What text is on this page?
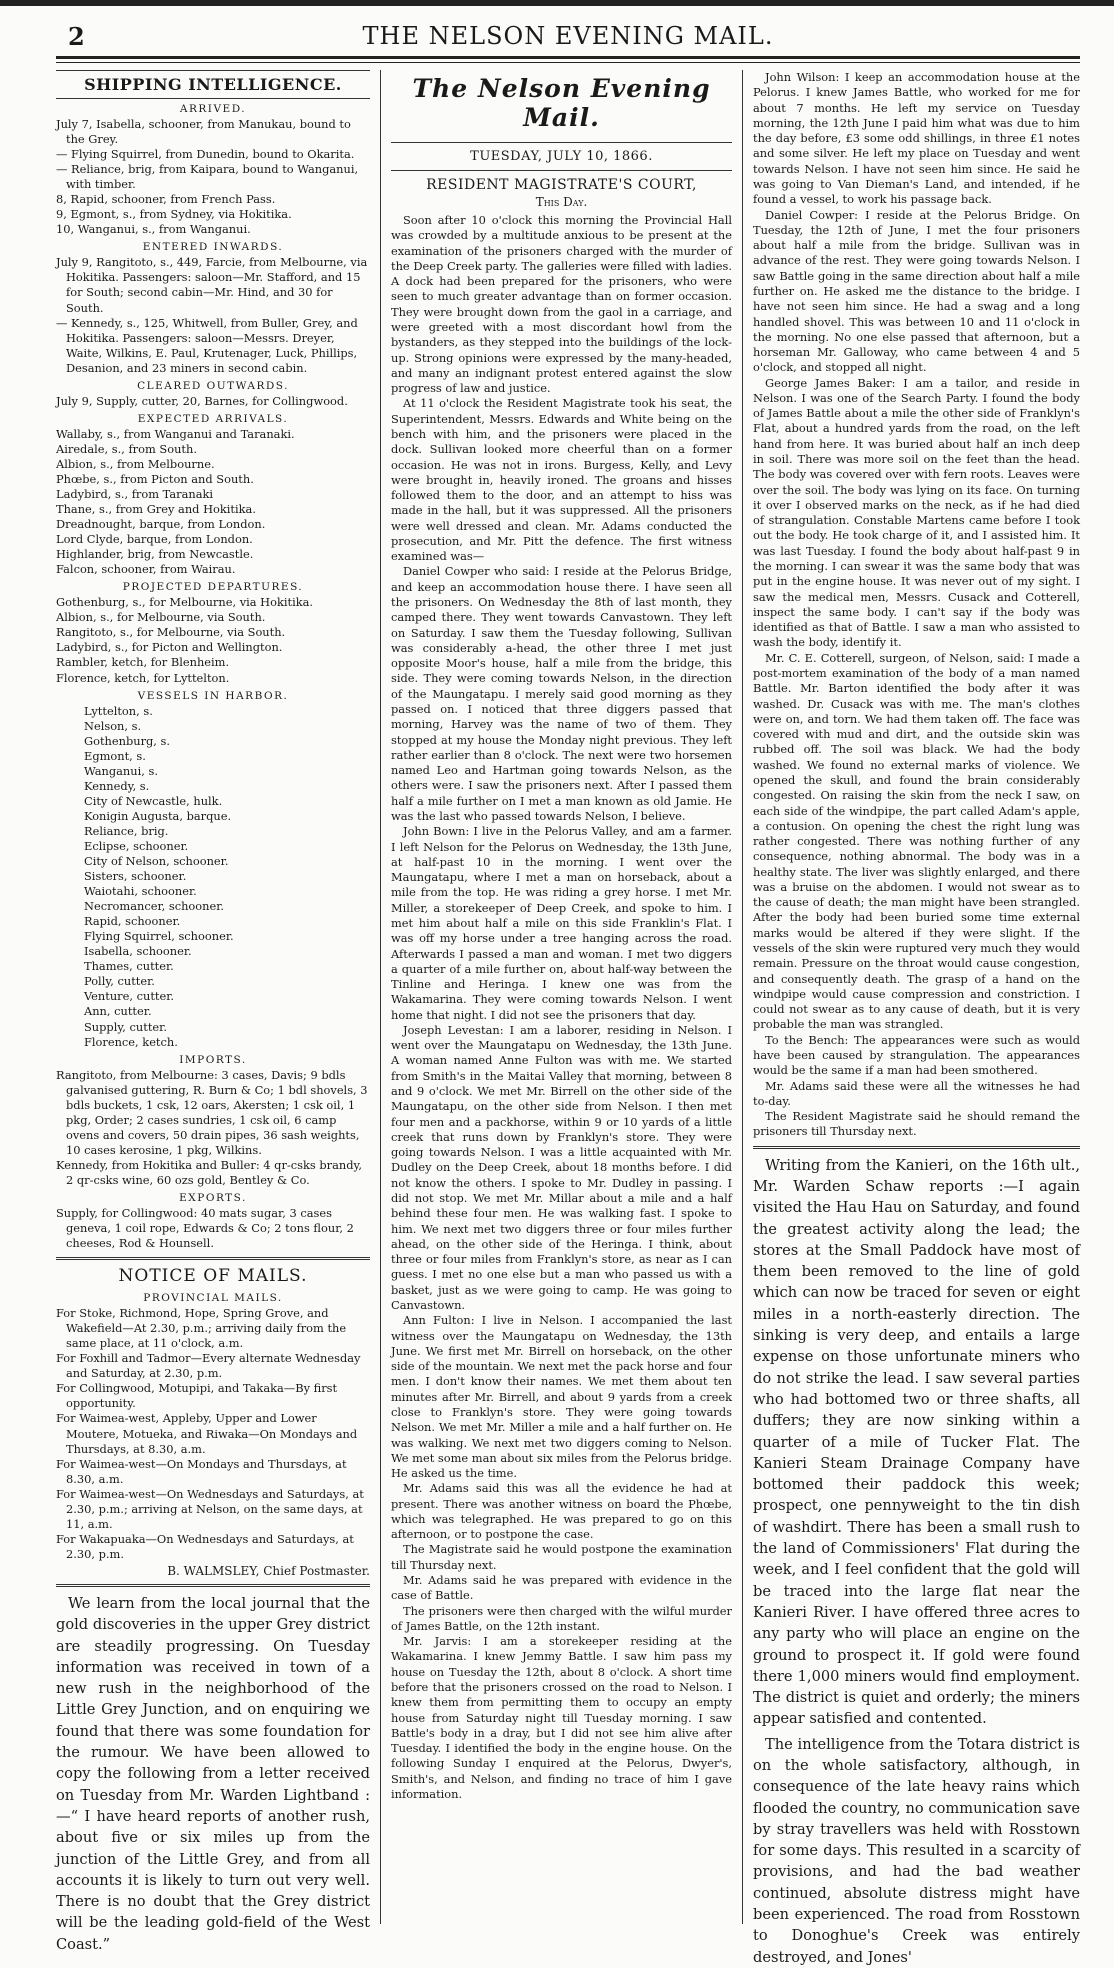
2	THE NELSON EVENING MAIL.
SHIPPING INTELLIGENCE.
ARRIVED.
July 7, Isabella, schooner, from Manukau, bound to the Grey.
— Flying Squirrel, from Dunedin, bound to Okarita.
— Reliance, brig, from Kaipara, bound to Wanganui, with timber.
8, Rapid, schooner, from French Pass.
9, Egmont, s., from Sydney, via Hokitika.
10, Wanganui, s., from Wanganui.
ENTERED INWARDS.
July 9, Rangitoto, s., 449, Farcie, from Melbourne, via Hokitika. Passengers: saloon—Mr. Stafford, and 15 for South; second cabin—Mr. Hind, and 30 for South.
— Kennedy, s., 125, Whitwell, from Buller, Grey, and Hokitika. Passengers: saloon—Messrs. Dreyer, Waite, Wilkins, E. Paul, Krutenager, Luck, Phillips, Desanion, and 23 miners in second cabin.
CLEARED OUTWARDS.
July 9, Supply, cutter, 20, Barnes, for Collingwood.
EXPECTED ARRIVALS.
Wallaby, s., from Wanganui and Taranaki.
Airedale, s., from South.
Albion, s., from Melbourne.
Phœbe, s., from Picton and South.
Ladybird, s., from Taranaki
Thane, s., from Grey and Hokitika.
Dreadnought, barque, from London.
Lord Clyde, barque, from London.
Highlander, brig, from Newcastle.
Falcon, schooner, from Wairau.
PROJECTED DEPARTURES.
Gothenburg, s., for Melbourne, via Hokitika.
Albion, s., for Melbourne, via South.
Rangitoto, s., for Melbourne, via South.
Ladybird, s., for Picton and Wellington.
Rambler, ketch, for Blenheim.
Florence, ketch, for Lyttelton.
VESSELS IN HARBOR.
Lyttelton, s.
Nelson, s.
Gothenburg, s.
Egmont, s.
Wanganui, s.
Kennedy, s.
City of Newcastle, hulk.
Konigin Augusta, barque.
Reliance, brig.
Eclipse, schooner.
City of Nelson, schooner.
Sisters, schooner.
Waiotahi, schooner.
Necromancer, schooner.
Rapid, schooner.
Flying Squirrel, schooner.
Isabella, schooner.
Thames, cutter.
Polly, cutter.
Venture, cutter.
Ann, cutter.
Supply, cutter.
Florence, ketch.
IMPORTS.
Rangitoto, from Melbourne: 3 cases, Davis; 9 bdls galvanised guttering, R. Burn & Co; 1 bdl shovels, 3 bdls buckets, 1 csk, 12 oars, Akersten; 1 csk oil, 1 pkg, Order; 2 cases sundries, 1 csk oil, 6 camp ovens and covers, 50 drain pipes, 36 sash weights, 10 cases kerosine, 1 pkg, Wilkins.
Kennedy, from Hokitika and Buller: 4 qr-csks brandy, 2 qr-csks wine, 60 ozs gold, Bentley & Co.
EXPORTS.
Supply, for Collingwood: 40 mats sugar, 3 cases geneva, 1 coil rope, Edwards & Co; 2 tons flour, 2 cheeses, Rod & Hounsell.
NOTICE OF MAILS.
PROVINCIAL MAILS.
For Stoke, Richmond, Hope, Spring Grove, and Wakefield—At 2.30, p.m.; arriving daily from the same place, at 11 o'clock, a.m.
For Foxhill and Tadmor—Every alternate Wednesday and Saturday, at 2.30, p.m.
For Collingwood, Motupipi, and Takaka—By first opportunity.
For Waimea-west, Appleby, Upper and Lower Moutere, Motueka, and Riwaka—On Mondays and Thursdays, at 8.30, a.m.
For Waimea-west—On Mondays and Thursdays, at 8.30, a.m.
For Waimea-west—On Wednesdays and Saturdays, at 2.30, p.m.; arriving at Nelson, on the same days, at 11, a.m.
For Wakapuaka—On Wednesdays and Saturdays, at 2.30, p.m.
B. WALMSLEY, Chief Postmaster.

We learn from the local journal that the gold discoveries in the upper Grey district are steadily progressing. On Tuesday information was received in town of a new rush in the neighborhood of the Little Grey Junction, and on enquiring we found that there was some foundation for the rumour. We have been allowed to copy the following from a letter received on Tuesday from Mr. Warden Lightband :—“ I have heard reports of another rush, about five or six miles up from the junction of the Little Grey, and from all accounts it is likely to turn out very well. There is no doubt that the Grey district will be the leading gold-field of the West Coast.”

The Nelson Evening Mail.
TUESDAY, JULY 10, 1866.
RESIDENT MAGISTRATE'S COURT,
This Day.

Soon after 10 o'clock this morning the Provincial Hall was crowded by a multitude anxious to be present at the examination of the prisoners charged with the murder of the Deep Creek party. The galleries were filled with ladies. A dock had been prepared for the prisoners, who were seen to much greater advantage than on former occasion. They were brought down from the gaol in a carriage, and were greeted with a most discordant howl from the bystanders, as they stepped into the buildings of the lock-up. Strong opinions were expressed by the many-headed, and many an indignant protest entered against the slow progress of law and justice.

At 11 o'clock the Resident Magistrate took his seat, the Superintendent, Messrs. Edwards and White being on the bench with him, and the prisoners were placed in the dock. Sullivan looked more cheerful than on a former occasion. He was not in irons. Burgess, Kelly, and Levy were brought in, heavily ironed. The groans and hisses followed them to the door, and an attempt to hiss was made in the hall, but it was suppressed. All the prisoners were well dressed and clean. Mr. Adams conducted the prosecution, and Mr. Pitt the defence. The first witness examined was—

Daniel Cowper who said: I reside at the Pelorus Bridge, and keep an accommodation house there. I have seen all the prisoners. On Wednesday the 8th of last month, they camped there. They went towards Canvastown. They left on Saturday. I saw them the Tuesday following, Sullivan was considerably a-head, the other three I met just opposite Moor's house, half a mile from the bridge, this side. They were coming towards Nelson, in the direction of the Maungatapu. I merely said good morning as they passed on. I noticed that three diggers passed that morning, Harvey was the name of two of them. They stopped at my house the Monday night previous. They left rather earlier than 8 o'clock. The next were two horsemen named Leo and Hartman going towards Nelson, as the others were. I saw the prisoners next. After I passed them half a mile further on I met a man known as old Jamie. He was the last who passed towards Nelson, I believe.

John Bown: I live in the Pelorus Valley, and am a farmer. I left Nelson for the Pelorus on Wednesday, the 13th June, at half-past 10 in the morning. I went over the Maungatapu, where I met a man on horseback, about a mile from the top. He was riding a grey horse. I met Mr. Miller, a storekeeper of Deep Creek, and spoke to him. I met him about half a mile on this side Franklin's Flat. I was off my horse under a tree hanging across the road. Afterwards I passed a man and woman. I met two diggers a quarter of a mile further on, about half-way between the Tinline and Heringa. I knew one was from the Wakamarina. They were coming towards Nelson. I went home that night. I did not see the prisoners that day.

Joseph Levestan: I am a laborer, residing in Nelson. I went over the Maungatapu on Wednesday, the 13th June. A woman named Anne Fulton was with me. We started from Smith's in the Maitai Valley that morning, between 8 and 9 o'clock. We met Mr. Birrell on the other side of the Maungatapu, on the other side from Nelson. I then met four men and a packhorse, within 9 or 10 yards of a little creek that runs down by Franklyn's store. They were going towards Nelson. I was a little acquainted with Mr. Dudley on the Deep Creek, about 18 months before. I did not know the others. I spoke to Mr. Dudley in passing. I did not stop. We met Mr. Millar about a mile and a half behind these four men. He was walking fast. I spoke to him. We next met two diggers three or four miles further ahead, on the other side of the Heringa. I think, about three or four miles from Franklyn's store, as near as I can guess. I met no one else but a man who passed us with a basket, just as we were going to camp. He was going to Canvastown.

Ann Fulton: I live in Nelson. I accompanied the last witness over the Maungatapu on Wednesday, the 13th June. We first met Mr. Birrell on horseback, on the other side of the mountain. We next met the pack horse and four men. I don't know their names. We met them about ten minutes after Mr. Birrell, and about 9 yards from a creek close to Franklyn's store. They were going towards Nelson. We met Mr. Miller a mile and a half further on. He was walking. We next met two diggers coming to Nelson. We met some man about six miles from the Pelorus bridge. He asked us the time.

Mr. Adams said this was all the evidence he had at present. There was another witness on board the Phœbe, which was telegraphed. He was prepared to go on this afternoon, or to postpone the case.

The Magistrate said he would postpone the examination till Thursday next.

Mr. Adams said he was prepared with evidence in the case of Battle.

The prisoners were then charged with the wilful murder of James Battle, on the 12th instant.

Mr. Jarvis: I am a storekeeper residing at the Wakamarina. I knew Jemmy Battle. I saw him pass my house on Tuesday the 12th, about 8 o'clock. A short time before that the prisoners crossed on the road to Nelson. I knew them from permitting them to occupy an empty house from Saturday night till Tuesday morning. I saw Battle's body in a dray, but I did not see him alive after Tuesday. I identified the body in the engine house. On the following Sunday I enquired at the Pelorus, Dwyer's, Smith's, and Nelson, and finding no trace of him I gave information.

John Wilson: I keep an accommodation house at the Pelorus. I knew James Battle, who worked for me for about 7 months. He left my service on Tuesday morning, the 12th June I paid him what was due to him the day before, £3 some odd shillings, in three £1 notes and some silver. He left my place on Tuesday and went towards Nelson. I have not seen him since. He said he was going to Van Dieman's Land, and intended, if he found a vessel, to work his passage back.

Daniel Cowper: I reside at the Pelorus Bridge. On Tuesday, the 12th of June, I met the four prisoners about half a mile from the bridge. Sullivan was in advance of the rest. They were going towards Nelson. I saw Battle going in the same direction about half a mile further on. He asked me the distance to the bridge. I have not seen him since. He had a swag and a long handled shovel. This was between 10 and 11 o'clock in the morning. No one else passed that afternoon, but a horseman Mr. Galloway, who came between 4 and 5 o'clock, and stopped all night.

George James Baker: I am a tailor, and reside in Nelson. I was one of the Search Party. I found the body of James Battle about a mile the other side of Franklyn's Flat, about a hundred yards from the road, on the left hand from here. It was buried about half an inch deep in soil. There was more soil on the feet than the head. The body was covered over with fern roots. Leaves were over the soil. The body was lying on its face. On turning it over I observed marks on the neck, as if he had died of strangulation. Constable Martens came before I took out the body. He took charge of it, and I assisted him. It was last Tuesday. I found the body about half-past 9 in the morning. I can swear it was the same body that was put in the engine house. It was never out of my sight. I saw the medical men, Messrs. Cusack and Cotterell, inspect the same body. I can't say if the body was identified as that of Battle. I saw a man who assisted to wash the body, identify it.

Mr. C. E. Cotterell, surgeon, of Nelson, said: I made a post-mortem examination of the body of a man named Battle. Mr. Barton identified the body after it was washed. Dr. Cusack was with me. The man's clothes were on, and torn. We had them taken off. The face was covered with mud and dirt, and the outside skin was rubbed off. The soil was black. We had the body washed. We found no external marks of violence. We opened the skull, and found the brain considerably congested. On raising the skin from the neck I saw, on each side of the windpipe, the part called Adam's apple, a contusion. On opening the chest the right lung was rather congested. There was nothing further of any consequence, nothing abnormal. The body was in a healthy state. The liver was slightly enlarged, and there was a bruise on the abdomen. I would not swear as to the cause of death; the man might have been strangled. After the body had been buried some time external marks would be altered if they were slight. If the vessels of the skin were ruptured very much they would remain. Pressure on the throat would cause congestion, and consequently death. The grasp of a hand on the windpipe would cause compression and constriction. I could not swear as to any cause of death, but it is very probable the man was strangled.

To the Bench: The appearances were such as would have been caused by strangulation. The appearances would be the same if a man had been smothered.

Mr. Adams said these were all the witnesses he had to-day.

The Resident Magistrate said he should remand the prisoners till Thursday next.

Writing from the Kanieri, on the 16th ult., Mr. Warden Schaw reports :—I again visited the Hau Hau on Saturday, and found the greatest activity along the lead; the stores at the Small Paddock have most of them been removed to the line of gold which can now be traced for seven or eight miles in a north-easterly direction. The sinking is very deep, and entails a large expense on those unfortunate miners who do not strike the lead. I saw several parties who had bottomed two or three shafts, all duffers; they are now sinking within a quarter of a mile of Tucker Flat. The Kanieri Steam Drainage Company have bottomed their paddock this week; prospect, one pennyweight to the tin dish of washdirt. There has been a small rush to the land of Commissioners' Flat during the week, and I feel confident that the gold will be traced into the large flat near the Kanieri River. I have offered three acres to any party who will place an engine on the ground to prospect it. If gold were found there 1,000 miners would find employment. The district is quiet and orderly; the miners appear satisfied and contented.

The intelligence from the Totara district is on the whole satisfactory, although, in consequence of the late heavy rains which flooded the country, no communication save by stray travellers was held with Rosstown for some days. This resulted in a scarcity of provisions, and had the bad weather continued, absolute distress might have been experienced. The road from Rosstown to Donoghue's Creek was entirely destroyed, and Jones'
